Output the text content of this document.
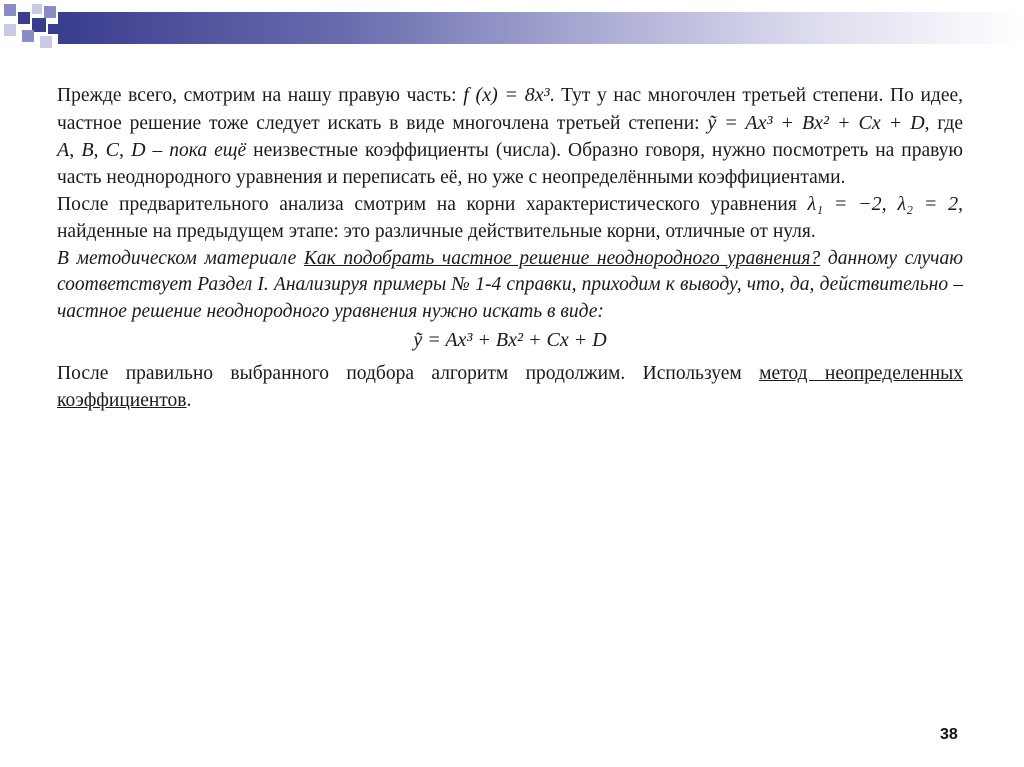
Прежде всего, смотрим на нашу правую часть: f (x) = 8x³. Тут у нас многочлен третьей степени. По идее, частное решение тоже следует искать в виде многочлена третьей степени: ỹ = Ax³ + Bx² + Cx + D, где A, B, C, D – пока ещё неизвестные коэффициенты (числа). Образно говоря, нужно посмотреть на правую часть неоднородного уравнения и переписать её, но уже с неопределёнными коэффициентами.

После предварительного анализа смотрим на корни характеристического уравнения λ₁ = −2, λ₂ = 2, найденные на предыдущем этапе: это различные действительные корни, отличные от нуля.

В методическом материале Как подобрать частное решение неоднородного уравнения? данному случаю соответствует Раздел I. Анализируя примеры № 1-4 справки, приходим к выводу, что, да, действительно – частное решение неоднородного уравнения нужно искать в виде:

ỹ = Ax³ + Bx² + Cx + D

После правильно выбранного подбора алгоритм продолжим. Используем метод неопределенных коэффициентов.

38
